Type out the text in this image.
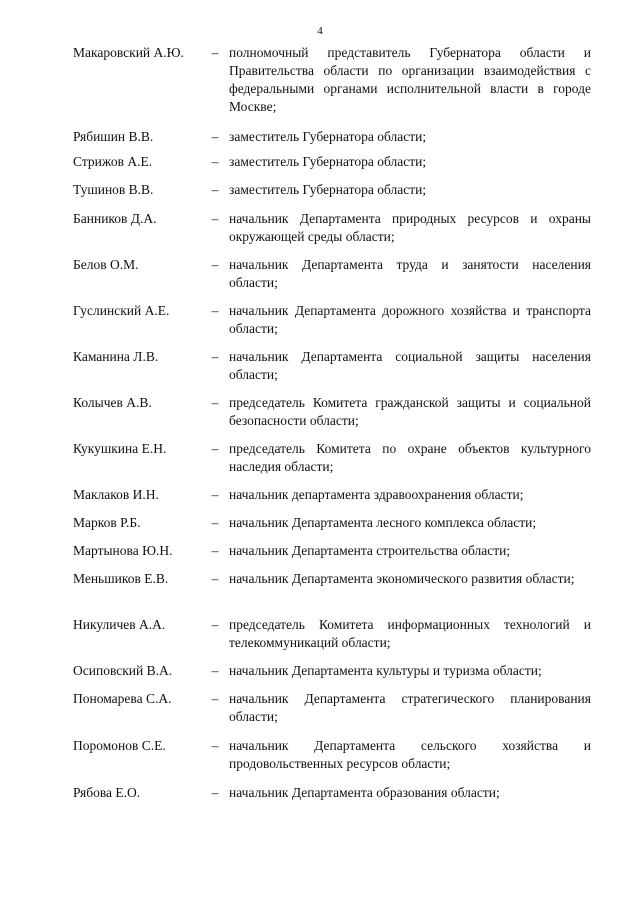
4
Макаровский А.Ю.	– полномочный представитель Губернатора области и Правительства области по организации взаимодействия с федеральными органами исполнительной власти в городе Москве;
Рябишин В.В.	– заместитель Губернатора области;
Стрижов А.Е.	– заместитель Губернатора области;
Тушинов В.В.	– заместитель Губернатора области;
Банников Д.А.	– начальник Департамента природных ресурсов и охраны окружающей среды области;
Белов О.М.	– начальник Департамента труда и занятости населения области;
Гуслинский А.Е.	– начальник Департамента дорожного хозяйства и транспорта области;
Каманина Л.В.	– начальник Департамента социальной защиты населения области;
Колычев А.В.	– председатель Комитета гражданской защиты и социальной безопасности области;
Кукушкина Е.Н.	– председатель Комитета по охране объектов культурного наследия области;
Маклаков И.Н.	– начальник департамента здравоохранения области;
Марков Р.Б.	– начальник Департамента лесного комплекса области;
Мартынова Ю.Н.	– начальник Департамента строительства области;
Меньшиков Е.В.	– начальник Департамента экономического развития области;
Никуличев А.А.	– председатель Комитета информационных технологий и телекоммуникаций области;
Осиповский В.А.	– начальник Департамента культуры и туризма области;
Пономарева С.А.	– начальник Департамента стратегического планирования области;
Поромонов С.Е.	– начальник Департамента сельского хозяйства и продовольственных ресурсов области;
Рябова Е.О.	– начальник Департамента образования области;
